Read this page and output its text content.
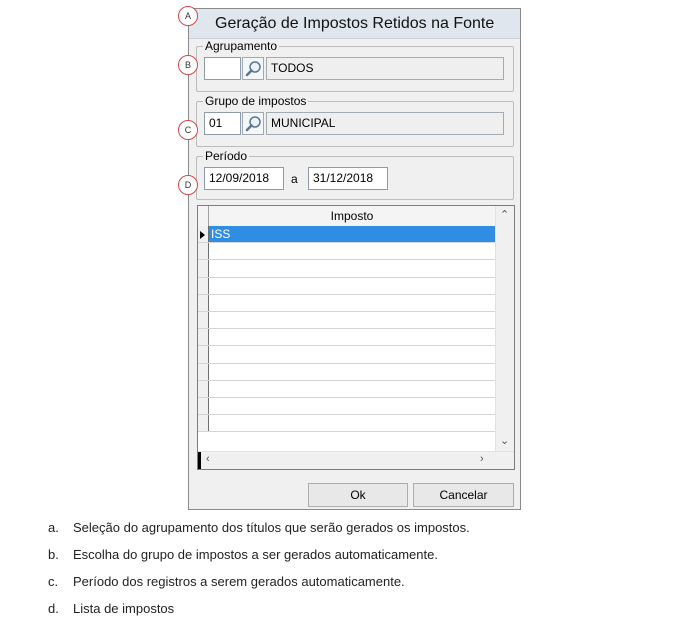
Geração de Impostos Retidos na Fonte
Agrupamento
TODOS
Grupo de impostos
01	MUNICIPAL
Período
12/09/2018	a	31/12/2018
Imposto
ISS
⌃
⌄
‹	›
Ok	Cancelar
A
B
C
D
a. Seleção do agrupamento dos títulos que serão gerados os impostos.
b. Escolha do grupo de impostos a ser gerados automaticamente.
c. Período dos registros a serem gerados automaticamente.
d. Lista de impostos
